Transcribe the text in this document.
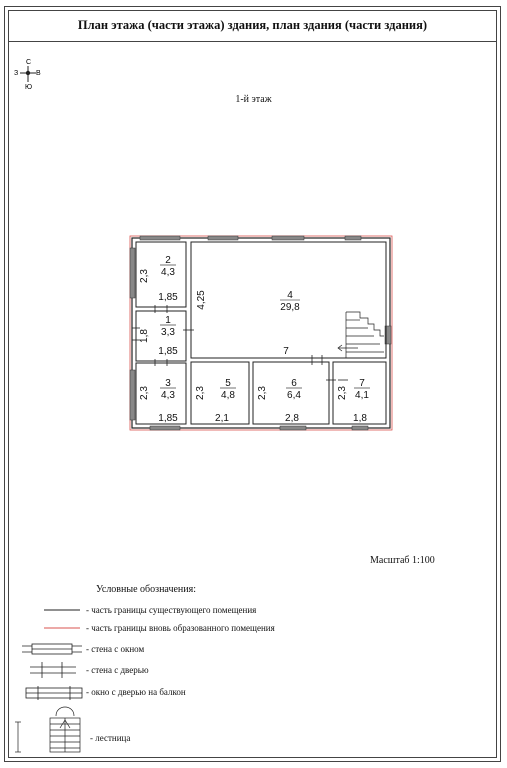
План этажа (части этажа) здания, план здания (части здания)
С
З	В
Ю
1-й этаж
2
4,3
1
3,3
3
4,3
4
29,8
5
4,8
6
6,4
7
4,1
2,3
1,85
1,8
1,85
2,3
1,85
4,25
7
2,3
2,1
2,3
2,8
2,3
1,8
Масштаб 1:100
Условные обозначения:
- часть границы существующего помещения
- часть границы вновь образованного помещения
- стена с окном
- стена с дверью
- окно с дверью на балкон
- лестница
